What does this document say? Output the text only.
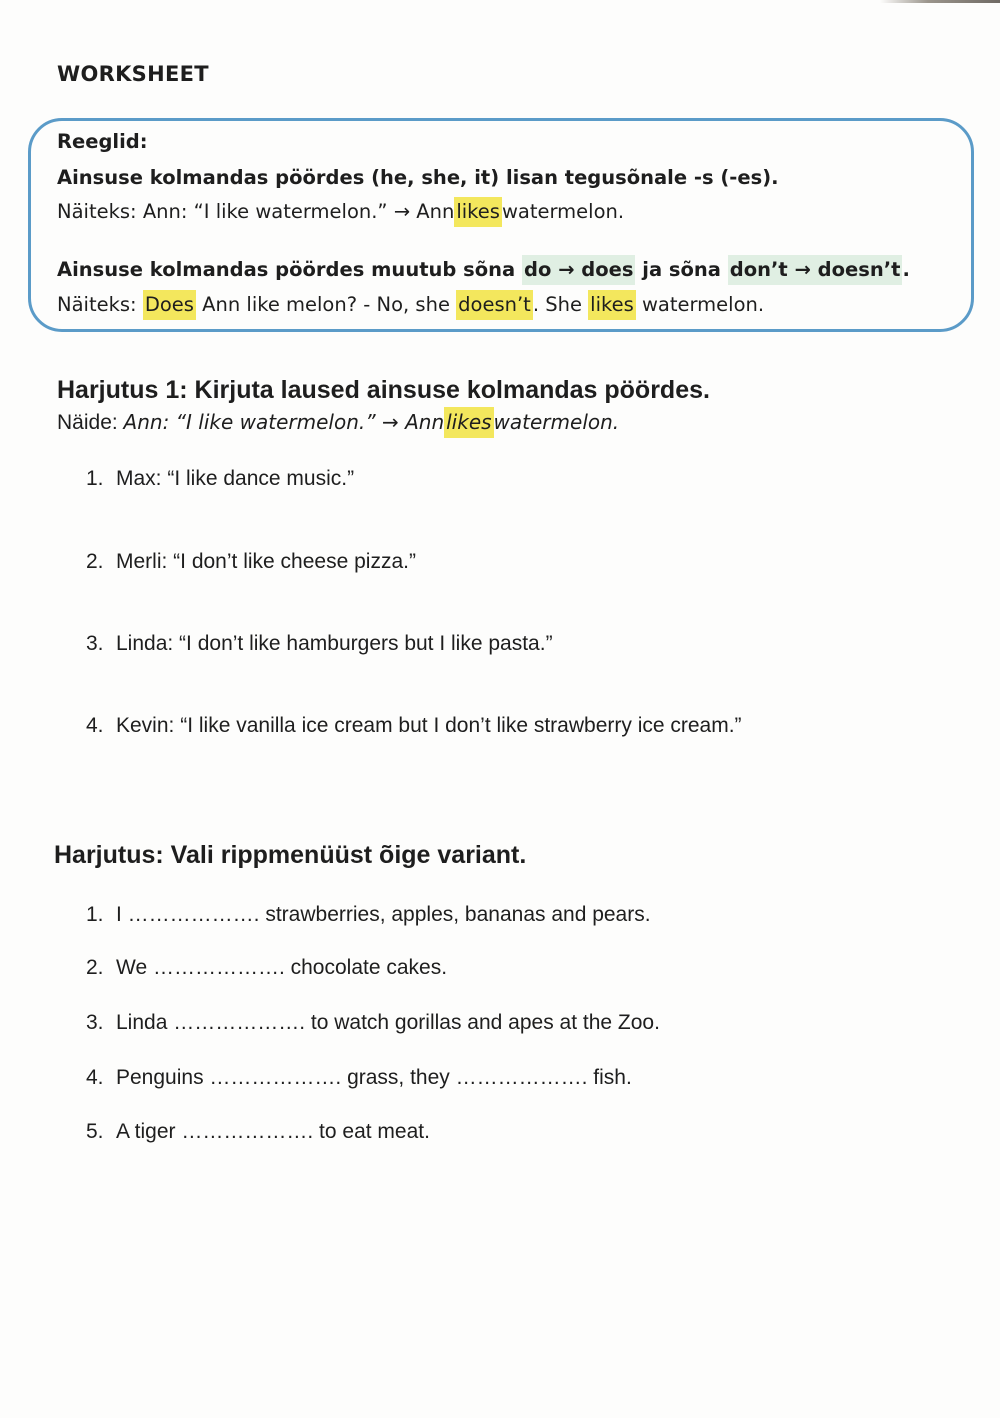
WORKSHEET
Reeglid:
Ainsuse kolmandas pöördes (he, she, it) lisan tegusõnale -s (-es).
Näiteks: Ann: “I like watermelon.” → Ann likes watermelon.
Ainsuse kolmandas pöördes muutub sõna do → does ja sõna don’t → doesn’t .
Näiteks: Does Ann like melon? - No, she doesn’t . She likes watermelon.
Harjutus 1: Kirjuta laused ainsuse kolmandas pöördes.
Näide: Ann: “I like watermelon.” → Ann likes watermelon.
1. Max: “I like dance music.”
2. Merli: “I don’t like cheese pizza.”
3. Linda: “I don’t like hamburgers but I like pasta.”
4. Kevin: “I like vanilla ice cream but I don’t like strawberry ice cream.”
Harjutus: Vali rippmenüüst õige variant.
1. I ………………. strawberries, apples, bananas and pears.
2. We ………………. chocolate cakes.
3. Linda ………………. to watch gorillas and apes at the Zoo.
4. Penguins ………………. grass, they ………………. fish.
5. A tiger ………………. to eat meat.
